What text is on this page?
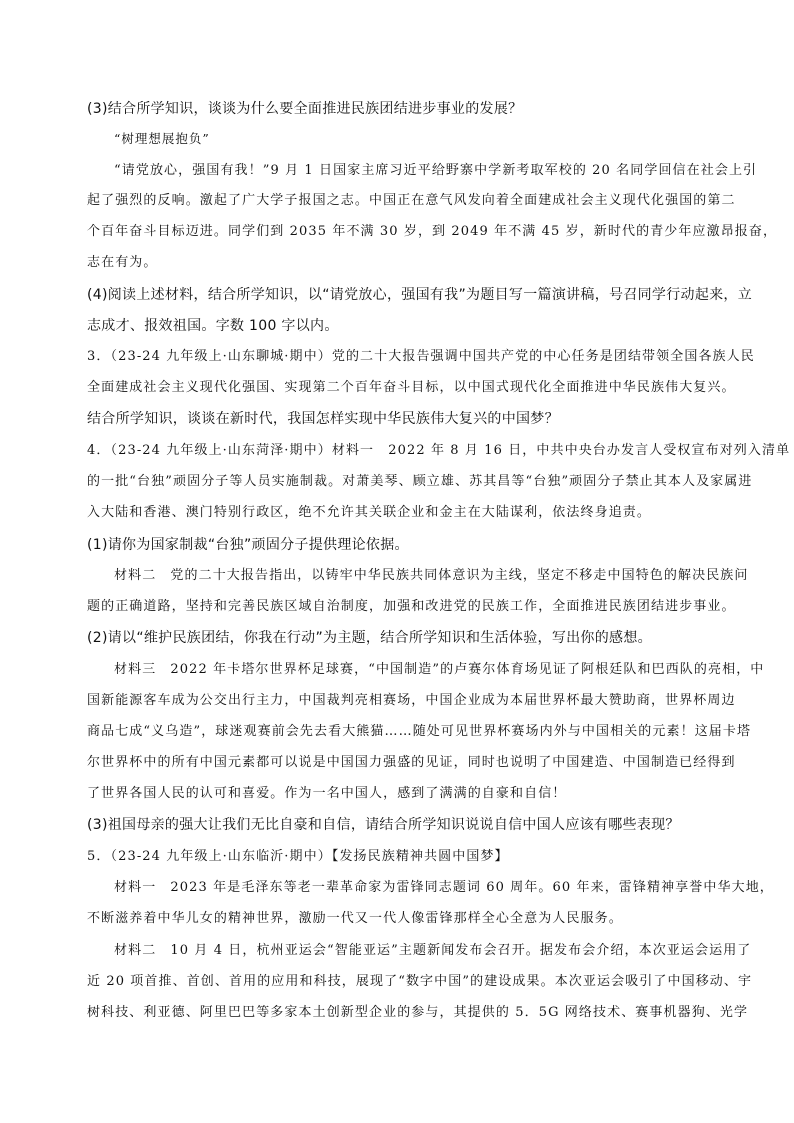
(3)结合所学知识，谈谈为什么要全面推进民族团结进步事业的发展？
“树理想展抱负”
“请党放心，强国有我！”9 月 1 日国家主席习近平给野寨中学新考取军校的 20 名同学回信在社会上引
起了强烈的反响。激起了广大学子报国之志。中国正在意气风发向着全面建成社会主义现代化强国的第二
个百年奋斗目标迈进。同学们到 2035 年不满 30 岁，到 2049 年不满 45 岁，新时代的青少年应激昂报奋，
志在有为。
(4)阅读上述材料，结合所学知识，以“请党放心，强国有我”为题目写一篇演讲稿，号召同学行动起来，立
志成才、报效祖国。字数 100 字以内。
3．（23-24 九年级上·山东聊城·期中）党的二十大报告强调中国共产党的中心任务是团结带领全国各族人民
全面建成社会主义现代化强国、实现第二个百年奋斗目标，以中国式现代化全面推进中华民族伟大复兴。
结合所学知识，谈谈在新时代，我国怎样实现中华民族伟大复兴的中国梦？
4．（23-24 九年级上·山东菏泽·期中）材料一　2022 年 8 月 16 日，中共中央台办发言人受权宣布对列入清单
的一批“台独”顽固分子等人员实施制裁。对萧美琴、顾立雄、苏其昌等“台独”顽固分子禁止其本人及家属进
入大陆和香港、澳门特别行政区，绝不允许其关联企业和金主在大陆谋利，依法终身追责。
(1)请你为国家制裁“台独”顽固分子提供理论依据。
材料二　党的二十大报告指出，以铸牢中华民族共同体意识为主线，坚定不移走中国特色的解决民族问
题的正确道路，坚持和完善民族区域自治制度，加强和改进党的民族工作，全面推进民族团结进步事业。
(2)请以“维护民族团结，你我在行动”为主题，结合所学知识和生活体验，写出你的感想。
材料三　2022 年卡塔尔世界杯足球赛，“中国制造”的卢赛尔体育场见证了阿根廷队和巴西队的亮相，中
国新能源客车成为公交出行主力，中国裁判亮相赛场，中国企业成为本届世界杯最大赞助商，世界杯周边
商品七成“义乌造”，球迷观赛前会先去看大熊猫……随处可见世界杯赛场内外与中国相关的元素！这届卡塔
尔世界杯中的所有中国元素都可以说是中国国力强盛的见证，同时也说明了中国建造、中国制造已经得到
了世界各国人民的认可和喜爱。作为一名中国人，感到了满满的自豪和自信！
(3)祖国母亲的强大让我们无比自豪和自信，请结合所学知识说说自信中国人应该有哪些表现？
5．（23-24 九年级上·山东临沂·期中）【发扬民族精神共圆中国梦】
材料一　2023 年是毛泽东等老一辈革命家为雷锋同志题词 60 周年。60 年来，雷锋精神享誉中华大地，
不断滋养着中华儿女的精神世界，激励一代又一代人像雷锋那样全心全意为人民服务。
材料二　10 月 4 日，杭州亚运会“智能亚运”主题新闻发布会召开。据发布会介绍，本次亚运会运用了
近 20 项首推、首创、首用的应用和科技，展现了“数字中国”的建设成果。本次亚运会吸引了中国移动、宇
树科技、利亚德、阿里巴巴等多家本土创新型企业的参与，其提供的 5．5G 网络技术、赛事机器狗、光学
